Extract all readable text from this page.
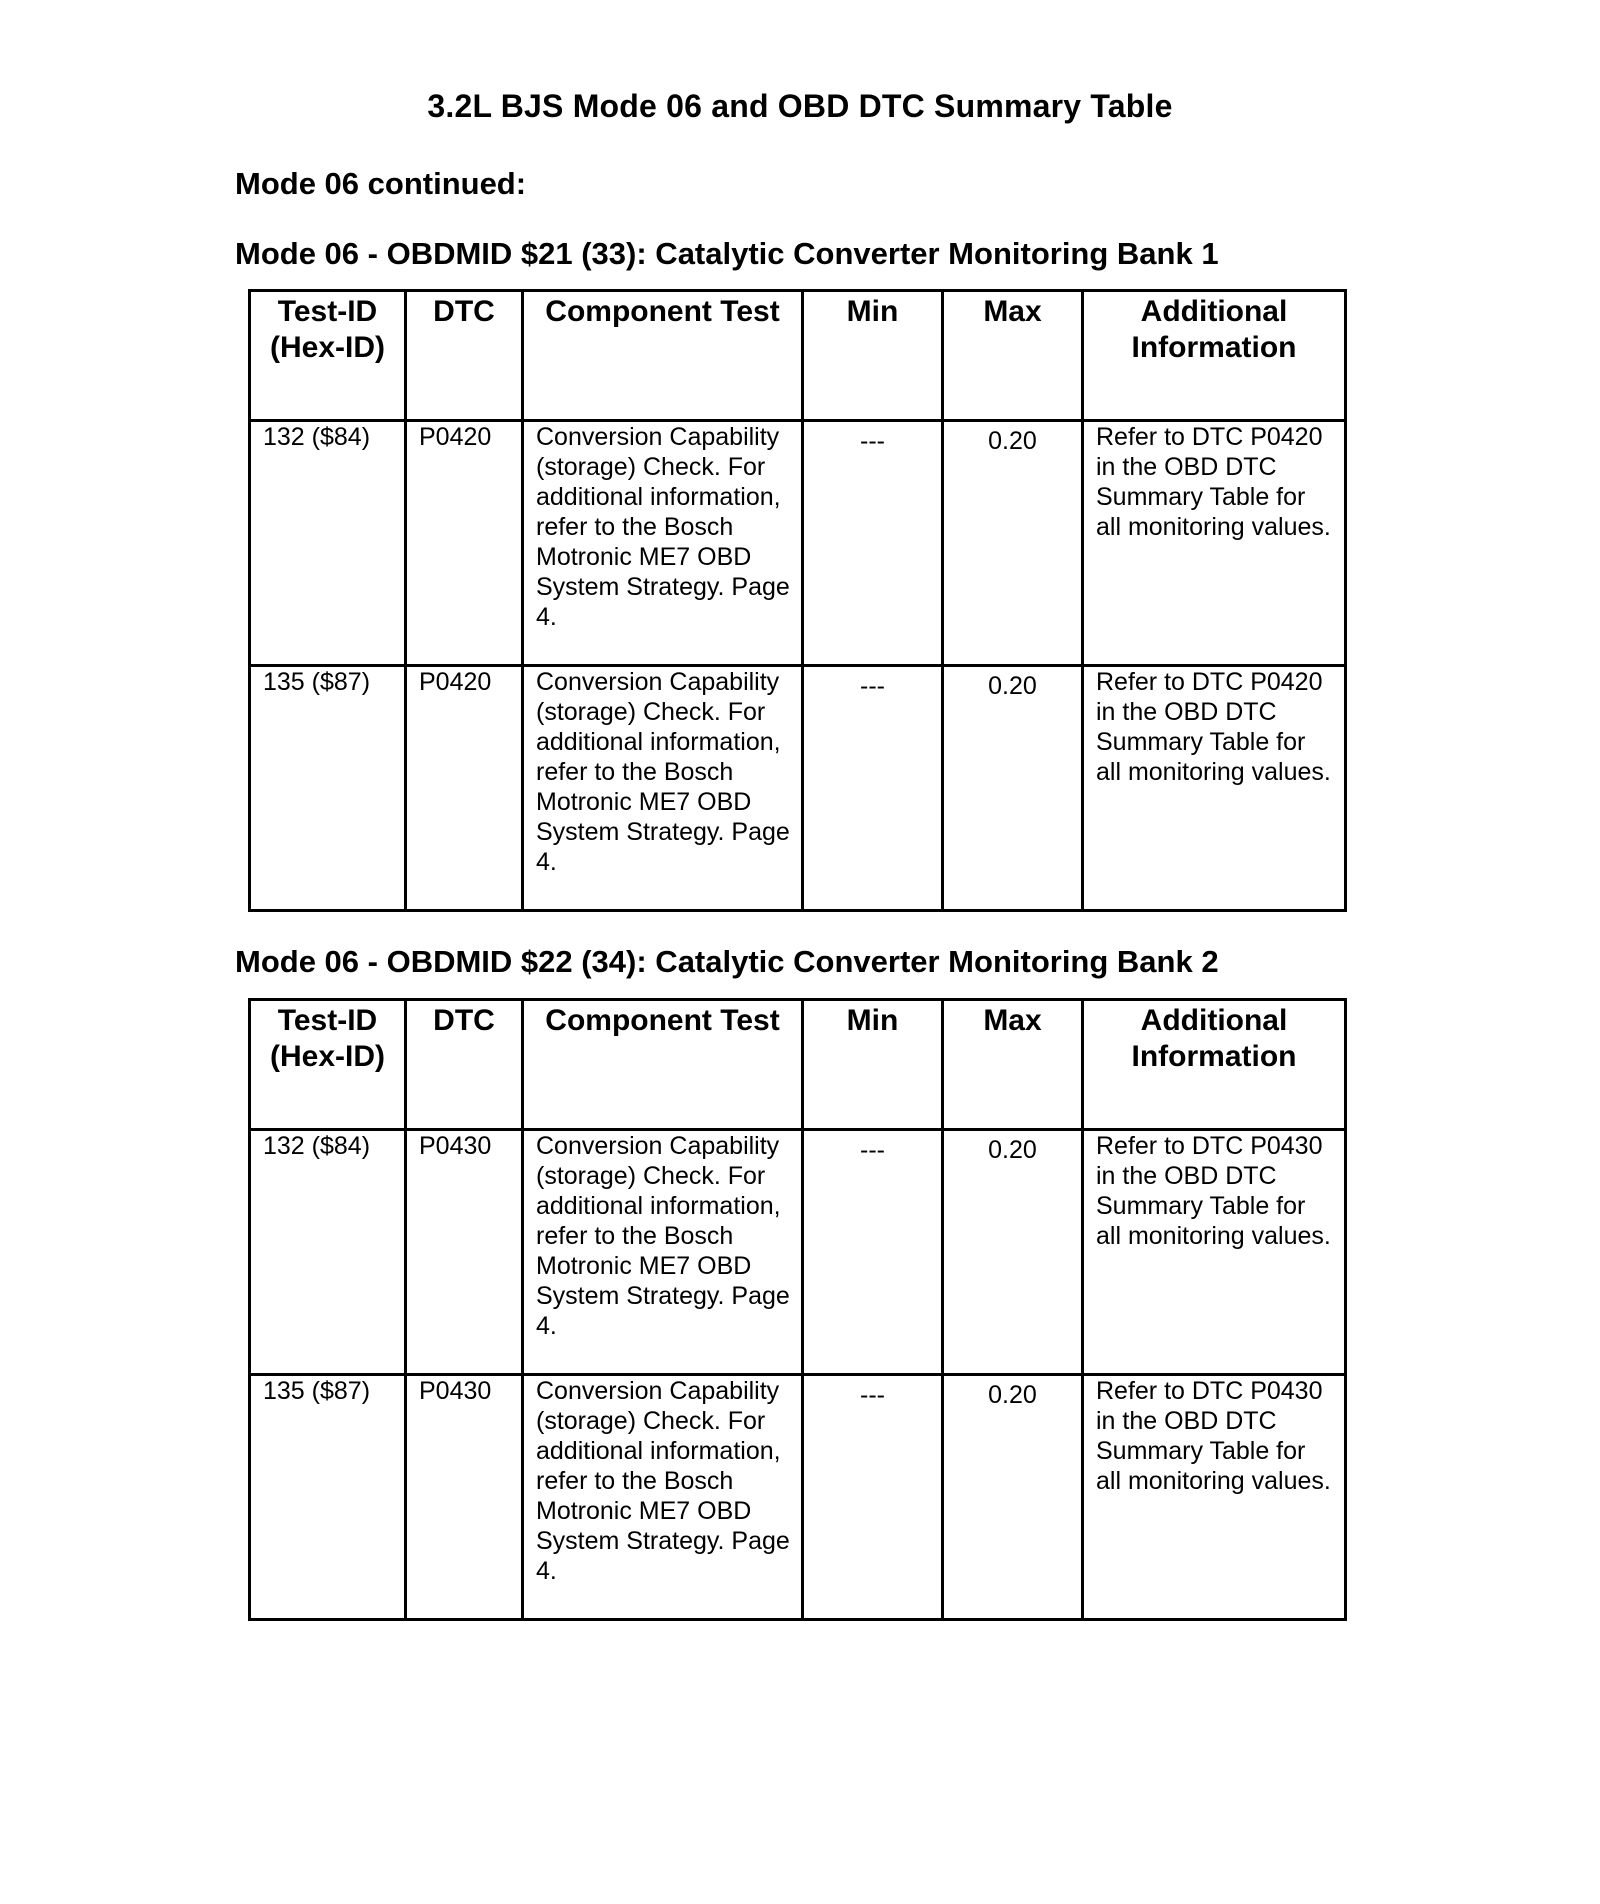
3.2L BJS Mode 06 and OBD DTC Summary Table
Mode 06 continued:
Mode 06 - OBDMID $21 (33): Catalytic Converter Monitoring Bank 1
Test-ID (Hex-ID)	DTC	Component Test	Min	Max	Additional Information
132 ($84)	P0420	Conversion Capability (storage) Check. For additional information, refer to the Bosch Motronic ME7 OBD System Strategy. Page 4.	---	0.20	Refer to DTC P0420 in the OBD DTC Summary Table for all monitoring values.
135 ($87)	P0420	Conversion Capability (storage) Check. For additional information, refer to the Bosch Motronic ME7 OBD System Strategy. Page 4.	---	0.20	Refer to DTC P0420 in the OBD DTC Summary Table for all monitoring values.
Mode 06 - OBDMID $22 (34): Catalytic Converter Monitoring Bank 2
Test-ID (Hex-ID)	DTC	Component Test	Min	Max	Additional Information
132 ($84)	P0430	Conversion Capability (storage) Check. For additional information, refer to the Bosch Motronic ME7 OBD System Strategy. Page 4.	---	0.20	Refer to DTC P0430 in the OBD DTC Summary Table for all monitoring values.
135 ($87)	P0430	Conversion Capability (storage) Check. For additional information, refer to the Bosch Motronic ME7 OBD System Strategy. Page 4.	---	0.20	Refer to DTC P0430 in the OBD DTC Summary Table for all monitoring values.
